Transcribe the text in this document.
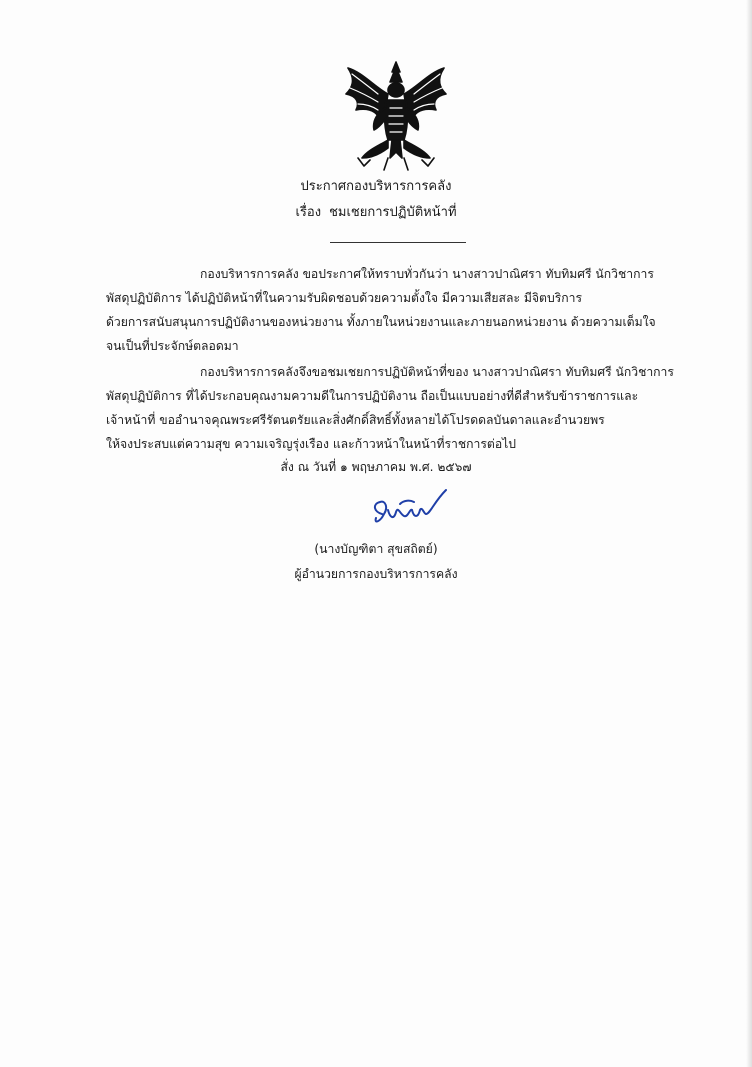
ประกาศกองบริหารการคลัง
เรื่อง ชมเชยการปฏิบัติหน้าที่
กองบริหารการคลัง ขอประกาศให้ทราบทั่วกันว่า นางสาวปาณิศรา ทับทิมศรี นักวิชาการ
พัสดุปฏิบัติการ ได้ปฏิบัติหน้าที่ในความรับผิดชอบด้วยความตั้งใจ มีความเสียสละ มีจิตบริการ
ด้วยการสนับสนุนการปฏิบัติงานของหน่วยงาน ทั้งภายในหน่วยงานและภายนอกหน่วยงาน ด้วยความเต็มใจ
จนเป็นที่ประจักษ์ตลอดมา
กองบริหารการคลังจึงขอชมเชยการปฏิบัติหน้าที่ของ นางสาวปาณิศรา ทับทิมศรี นักวิชาการ
พัสดุปฏิบัติการ ที่ได้ประกอบคุณงามความดีในการปฏิบัติงาน ถือเป็นแบบอย่างที่ดีสำหรับข้าราชการและ
เจ้าหน้าที่ ขออำนาจคุณพระศรีรัตนตรัยและสิ่งศักดิ์สิทธิ์ทั้งหลายได้โปรดดลบันดาลและอำนวยพร
ให้จงประสบแต่ความสุข ความเจริญรุ่งเรือง และก้าวหน้าในหน้าที่ราชการต่อไป
สั่ง ณ วันที่ ๑ พฤษภาคม พ.ศ. ๒๕๖๗
(นางบัญฑิตา สุขสถิตย์)
ผู้อำนวยการกองบริหารการคลัง
